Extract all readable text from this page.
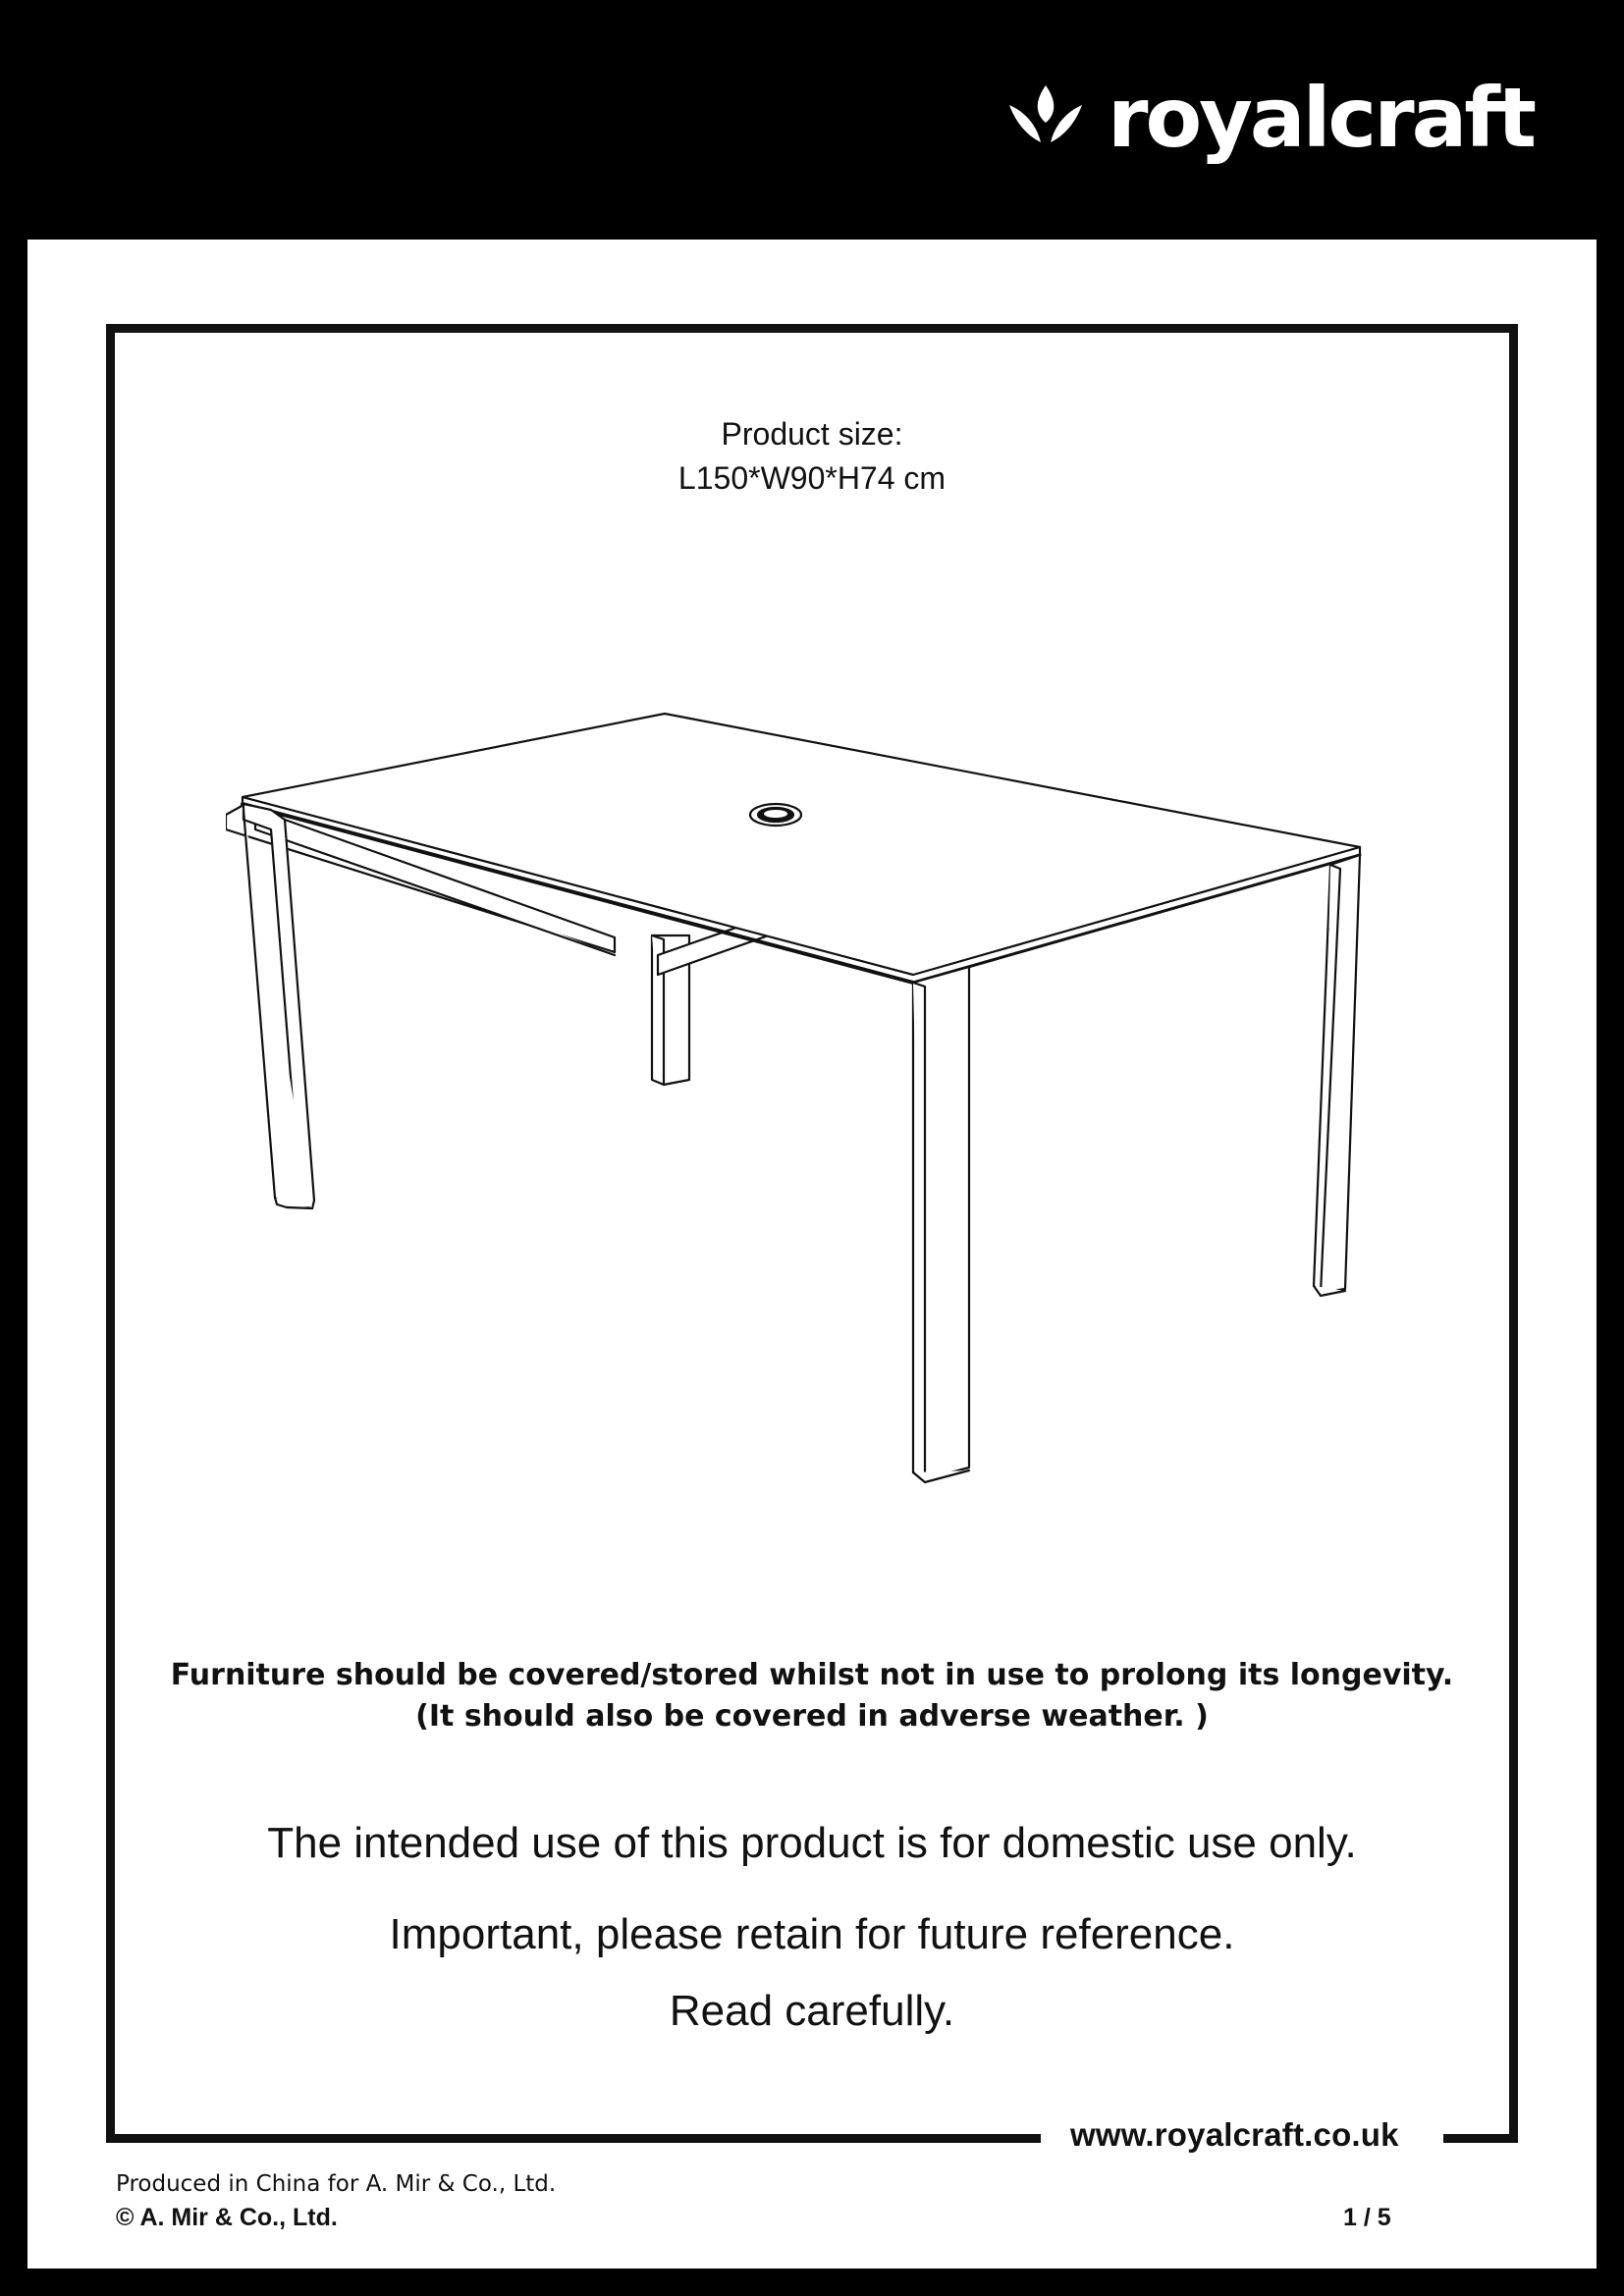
royalcraft
www.royalcraft.co.uk
Product size:
L150*W90*H74 cm
Furniture should be covered/stored whilst not in use to prolong its longevity.
(It should also be covered in adverse weather. )
The intended use of this product is for domestic use only.
Important, please retain for future reference.
Read carefully.
Produced in China for A. Mir & Co., Ltd.
© A. Mir & Co., Ltd.	1 / 5
